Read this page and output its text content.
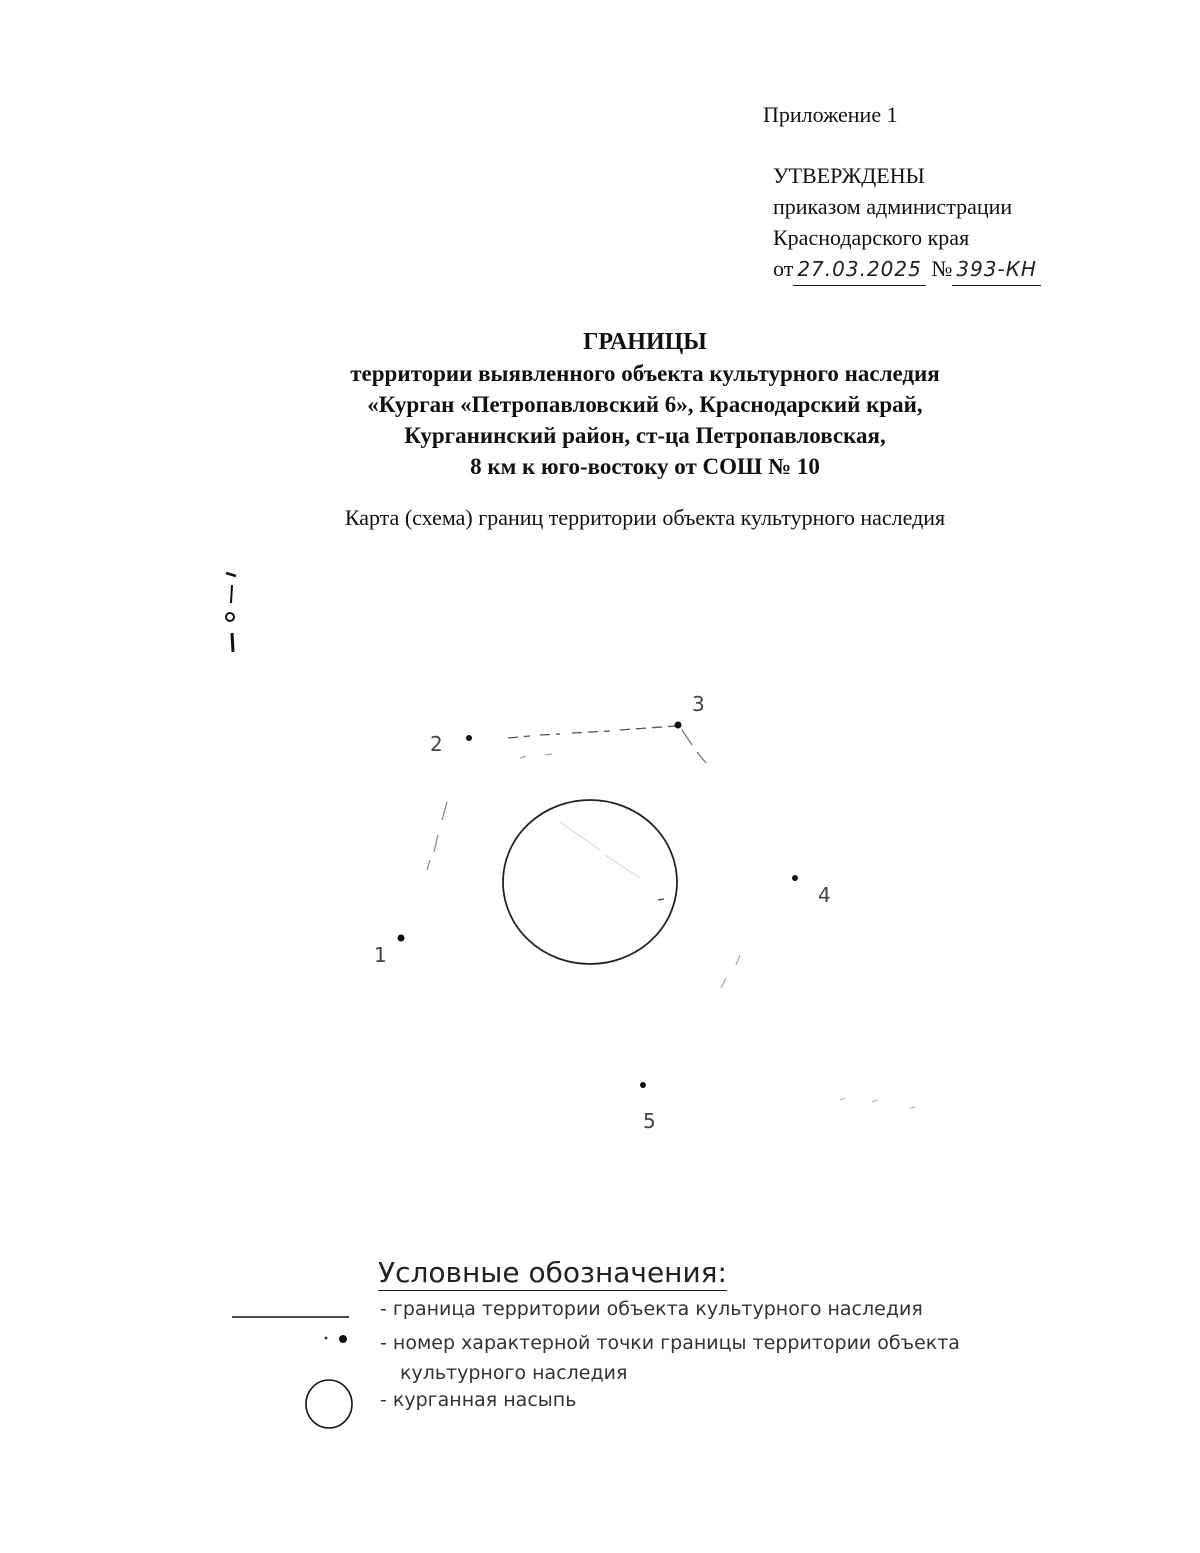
Приложение 1
УТВЕРЖДЕНЫ
приказом администрации
Краснодарского края
от 27.03.2025 № 393-КН
ГРАНИЦЫ
территории выявленного объекта культурного наследия
«Курган «Петропавловский 6», Краснодарский край,
Курганинский район, ст-ца Петропавловская,
8 км к юго-востоку от СОШ № 10
Карта (схема) границ территории объекта культурного наследия
1
2
3
4
5
Условные обозначения:
- граница территории объекта культурного наследия
- номер характерной точки границы территории объекта
культурного наследия
- курганная насыпь
